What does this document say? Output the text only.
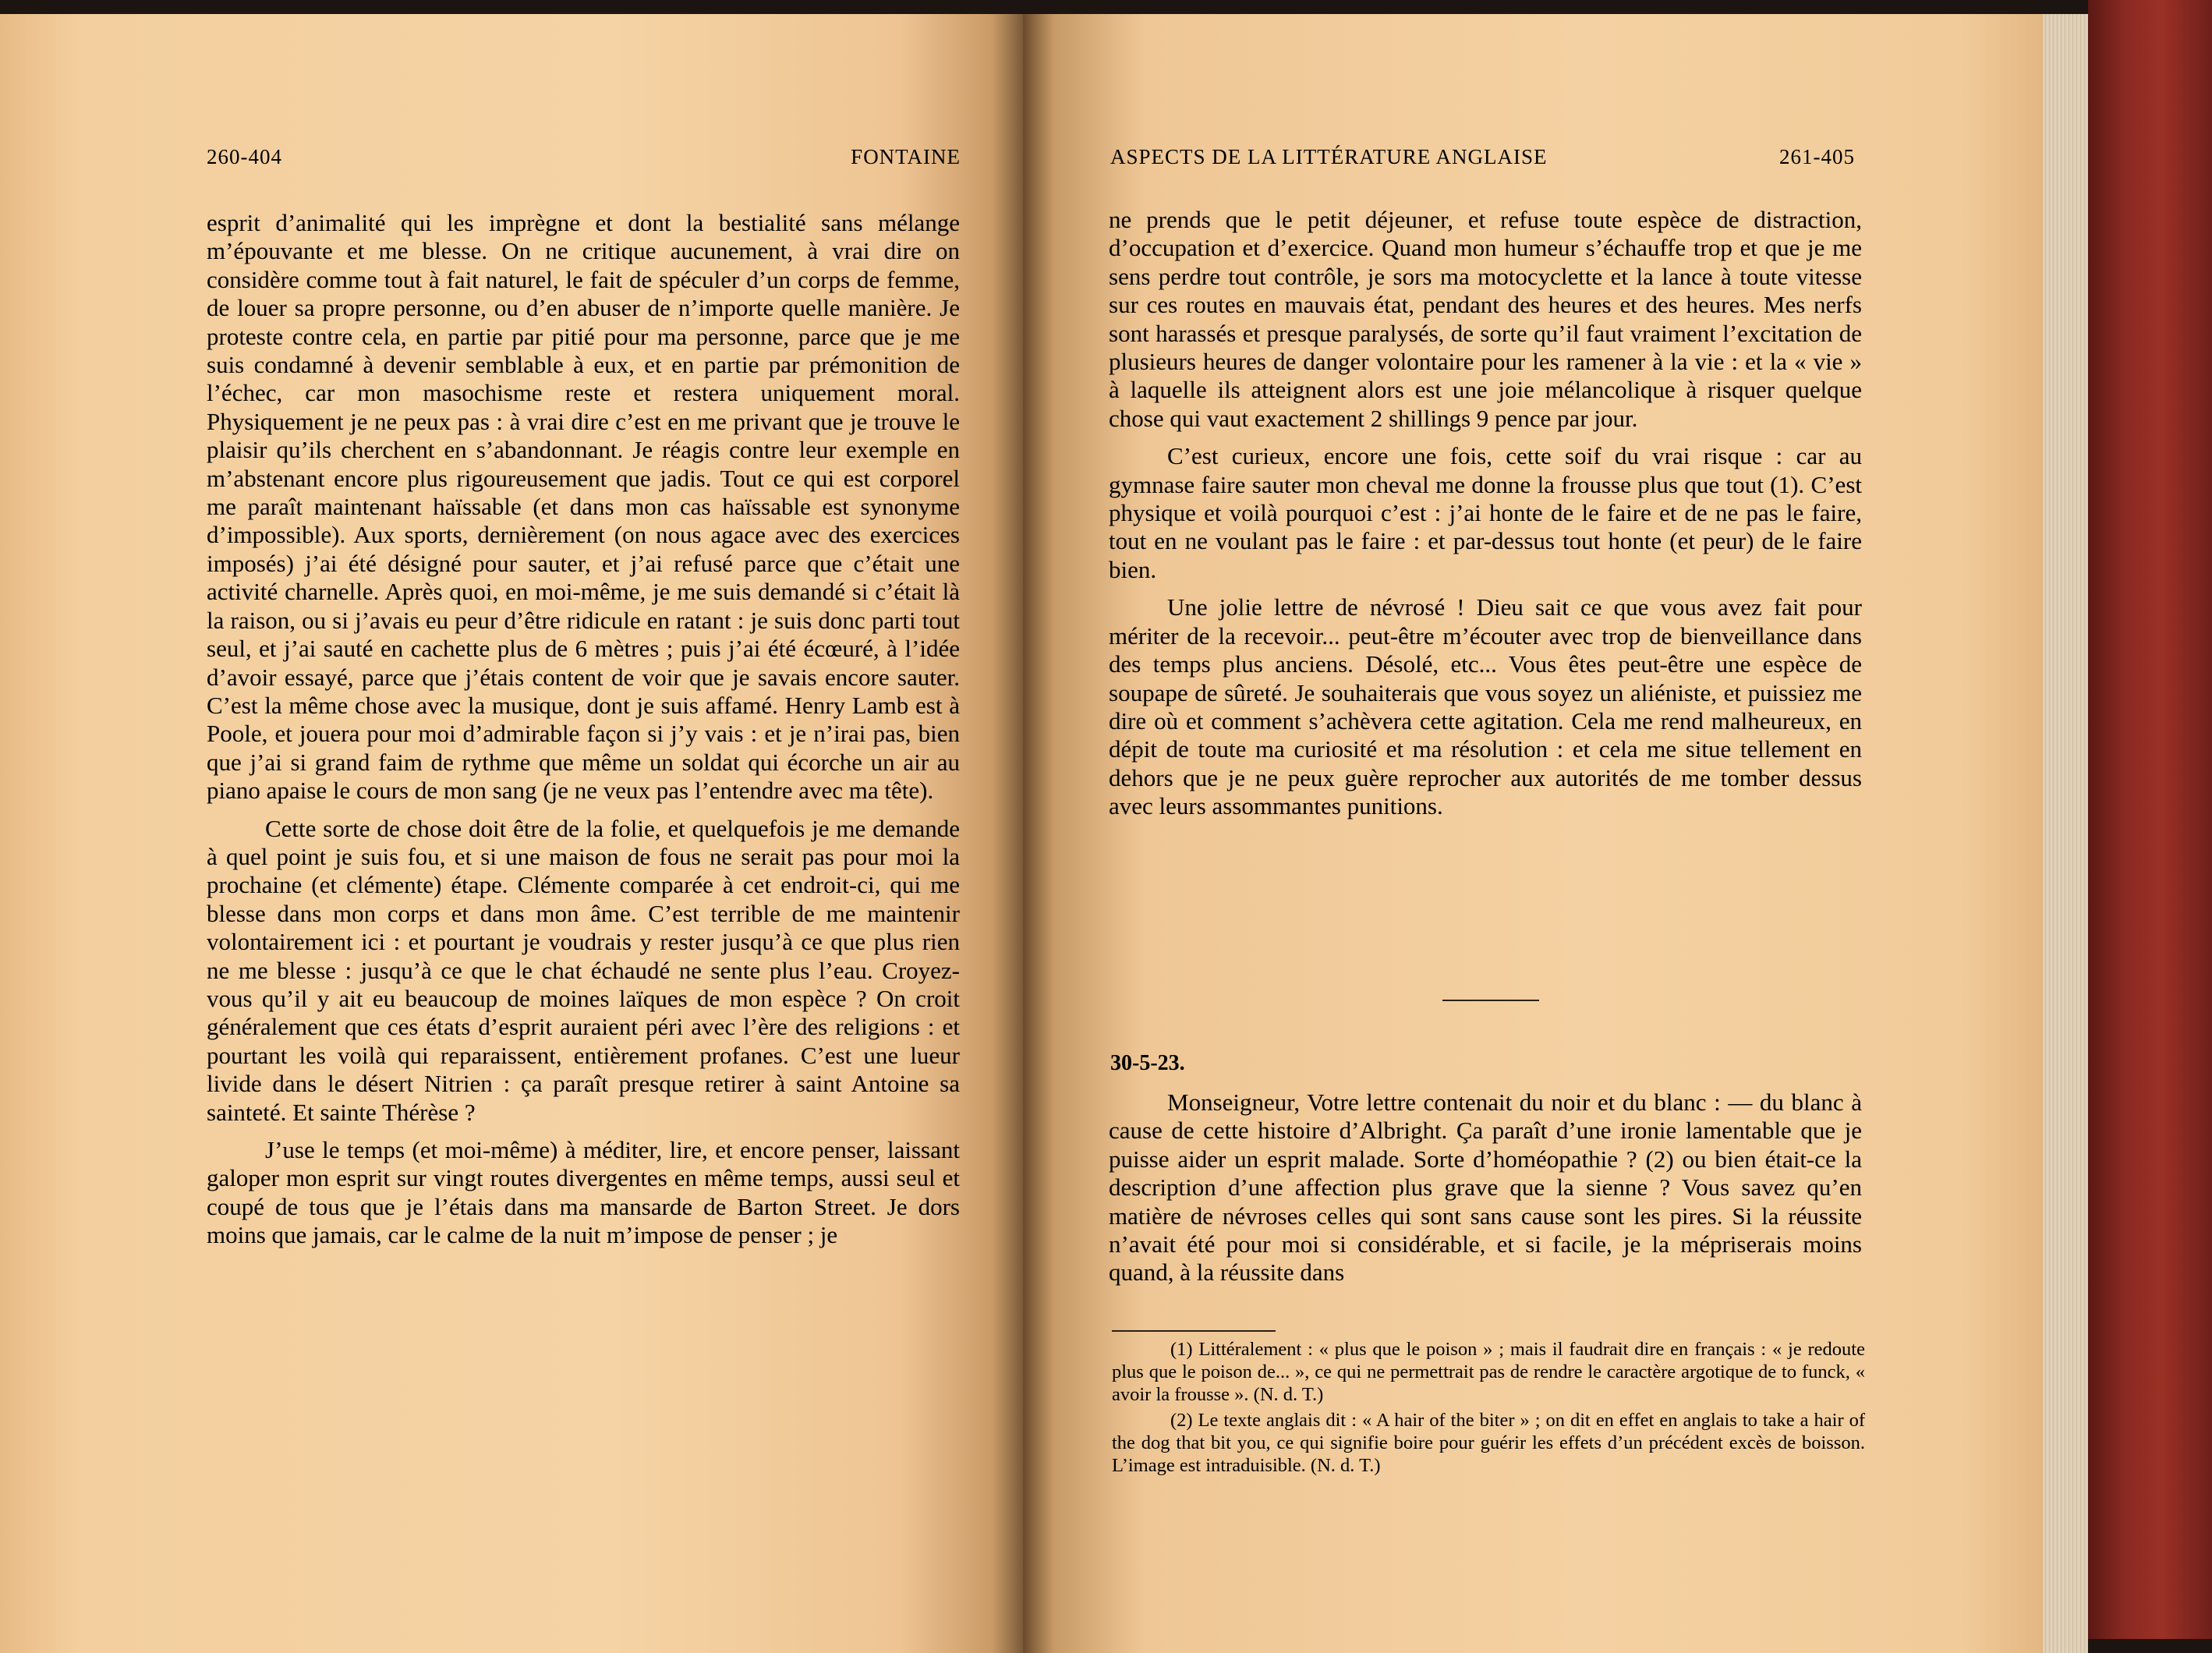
260-404	FONTAINE

esprit d’animalité qui les imprègne et dont la bestialité sans mélange m’épouvante et me blesse. On ne critique aucunement, à vrai dire on considère comme tout à fait naturel, le fait de spéculer d’un corps de femme, de louer sa propre personne, ou d’en abuser de n’importe quelle manière. Je proteste contre cela, en partie par pitié pour ma personne, parce que je me suis condamné à devenir semblable à eux, et en partie par prémonition de l’échec, car mon masochisme reste et restera uniquement moral. Physiquement je ne peux pas : à vrai dire c’est en me privant que je trouve le plaisir qu’ils cherchent en s’abandonnant. Je réagis contre leur exemple en m’abstenant encore plus rigoureusement que jadis. Tout ce qui est corporel me paraît maintenant haïssable (et dans mon cas haïssable est synonyme d’impossible). Aux sports, dernièrement (on nous agace avec des exercices imposés) j’ai été désigné pour sauter, et j’ai refusé parce que c’était une activité charnelle. Après quoi, en moi-même, je me suis demandé si c’était là la raison, ou si j’avais eu peur d’être ridicule en ratant : je suis donc parti tout seul, et j’ai sauté en cachette plus de 6 mètres ; puis j’ai été écœuré, à l’idée d’avoir essayé, parce que j’étais content de voir que je savais encore sauter. C’est la même chose avec la musique, dont je suis affamé. Henry Lamb est à Poole, et jouera pour moi d’admirable façon si j’y vais : et je n’irai pas, bien que j’ai si grand faim de rythme que même un soldat qui écorche un air au piano apaise le cours de mon sang (je ne veux pas l’entendre avec ma tête).

Cette sorte de chose doit être de la folie, et quelquefois je me demande à quel point je suis fou, et si une maison de fous ne serait pas pour moi la prochaine (et clémente) étape. Clémente comparée à cet endroit-ci, qui me blesse dans mon corps et dans mon âme. C’est terrible de me maintenir volontairement ici : et pourtant je voudrais y rester jusqu’à ce que plus rien ne me blesse : jusqu’à ce que le chat échaudé ne sente plus l’eau. Croyez-vous qu’il y ait eu beaucoup de moines laïques de mon espèce ? On croit généralement que ces états d’esprit auraient péri avec l’ère des religions : et pourtant les voilà qui reparaissent, entièrement profanes. C’est une lueur livide dans le désert Nitrien : ça paraît presque retirer à saint Antoine sa sainteté. Et sainte Thérèse ?

J’use le temps (et moi-même) à méditer, lire, et encore penser, laissant galoper mon esprit sur vingt routes divergentes en même temps, aussi seul et coupé de tous que je l’étais dans ma mansarde de Barton Street. Je dors moins que jamais, car le calme de la nuit m’impose de penser ; je

ASPECTS DE LA LITTÉRATURE ANGLAISE	261-405

ne prends que le petit déjeuner, et refuse toute espèce de distraction, d’occupation et d’exercice. Quand mon humeur s’échauffe trop et que je me sens perdre tout contrôle, je sors ma motocyclette et la lance à toute vitesse sur ces routes en mauvais état, pendant des heures et des heures. Mes nerfs sont harassés et presque paralysés, de sorte qu’il faut vraiment l’excitation de plusieurs heures de danger volontaire pour les ramener à la vie : et la « vie » à laquelle ils atteignent alors est une joie mélancolique à risquer quelque chose qui vaut exactement 2 shillings 9 pence par jour.

C’est curieux, encore une fois, cette soif du vrai risque : car au gymnase faire sauter mon cheval me donne la frousse plus que tout (1). C’est physique et voilà pourquoi c’est : j’ai honte de le faire et de ne pas le faire, tout en ne voulant pas le faire : et par-dessus tout honte (et peur) de le faire bien.

Une jolie lettre de névrosé ! Dieu sait ce que vous avez fait pour mériter de la recevoir... peut-être m’écouter avec trop de bienveillance dans des temps plus anciens. Désolé, etc... Vous êtes peut-être une espèce de soupape de sûreté. Je souhaiterais que vous soyez un aliéniste, et puissiez me dire où et comment s’achèvera cette agitation. Cela me rend malheureux, en dépit de toute ma curiosité et ma résolution : et cela me situe tellement en dehors que je ne peux guère reprocher aux autorités de me tomber dessus avec leurs assommantes punitions.

30-5-23.

Monseigneur, Votre lettre contenait du noir et du blanc : — du blanc à cause de cette histoire d’Albright. Ça paraît d’une ironie lamentable que je puisse aider un esprit malade. Sorte d’homéopathie ? (2) ou bien était-ce la description d’une affection plus grave que la sienne ? Vous savez qu’en matière de névroses celles qui sont sans cause sont les pires. Si la réussite n’avait été pour moi si considérable, et si facile, je la mépriserais moins quand, à la réussite dans

(1) Littéralement : « plus que le poison » ; mais il faudrait dire en français : « je redoute plus que le poison de... », ce qui ne permettrait pas de rendre le caractère argotique de to funck, « avoir la frousse ». (N. d. T.)

(2) Le texte anglais dit : « A hair of the biter » ; on dit en effet en anglais to take a hair of the dog that bit you, ce qui signifie boire pour guérir les effets d’un précédent excès de boisson. L’image est intraduisible. (N. d. T.)
